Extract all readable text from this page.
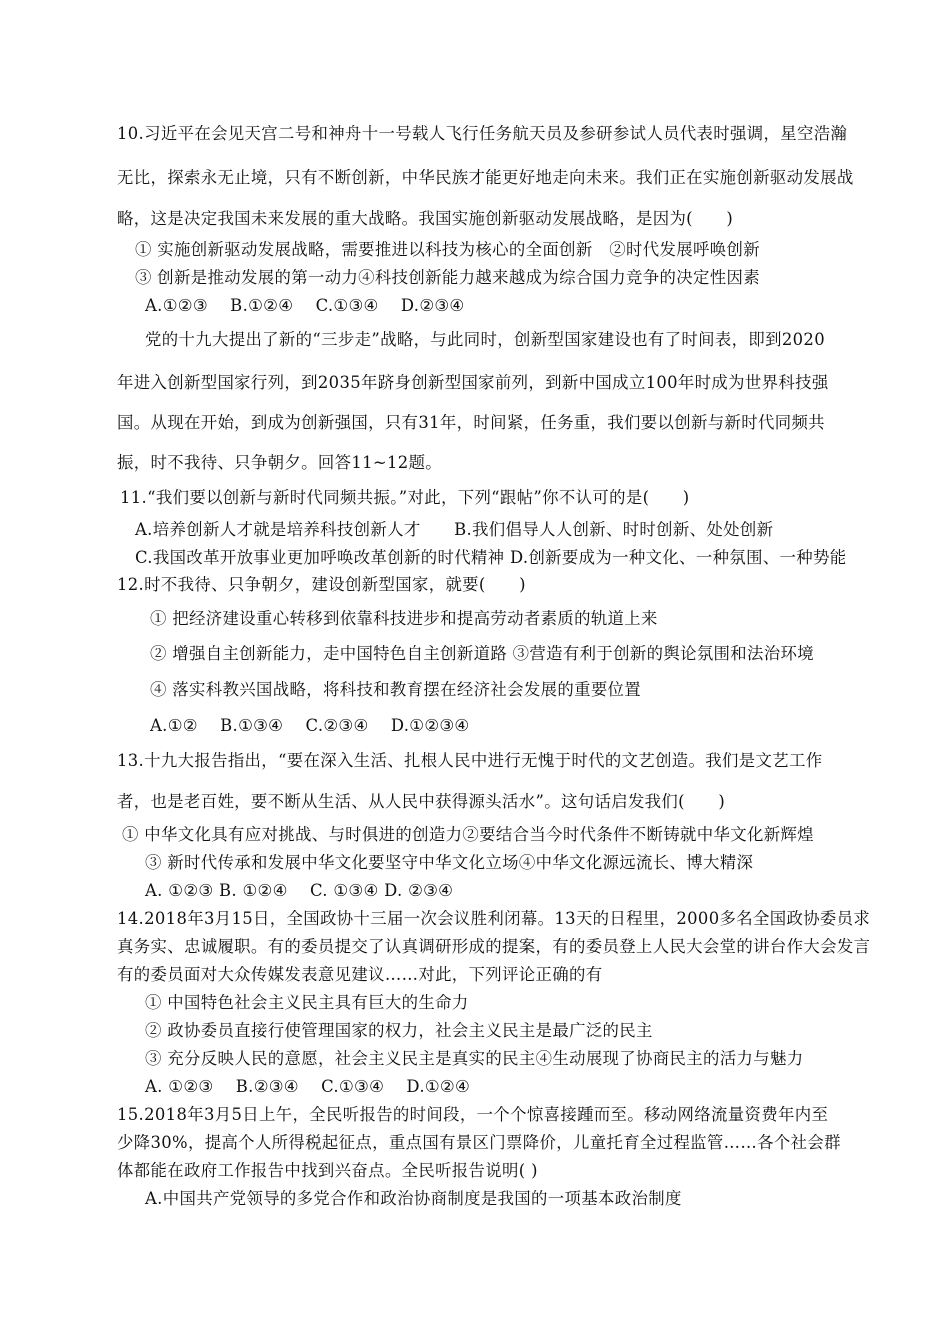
10.习近平在会见天宫二号和神舟十一号载人飞行任务航天员及参研参试人员代表时强调，星空浩瀚
无比，探索永无止境，只有不断创新，中华民族才能更好地走向未来。我们正在实施创新驱动发展战
略，这是决定我国未来发展的重大战略。我国实施创新驱动发展战略，是因为(　　)
① 实施创新驱动发展战略，需要推进以科技为核心的全面创新　②时代发展呼唤创新
③ 创新是推动发展的第一动力④科技创新能力越来越成为综合国力竞争的决定性因素
A.①②③　 B.①②④　 C.①③④　 D.②③④
党的十九大提出了新的“三步走”战略，与此同时，创新型国家建设也有了时间表，即到2020
年进入创新型国家行列，到2035年跻身创新型国家前列，到新中国成立100年时成为世界科技强
国。从现在开始，到成为创新强国，只有31年，时间紧，任务重，我们要以创新与新时代同频共
振，时不我待、只争朝夕。回答11~12题。
11.“我们要以创新与新时代同频共振。”对此，下列“跟帖”你不认可的是(　　)
A.培养创新人才就是培养科技创新人才　　B.我们倡导人人创新、时时创新、处处创新
C.我国改革开放事业更加呼唤改革创新的时代精神 D.创新要成为一种文化、一种氛围、一种势能
12.时不我待、只争朝夕，建设创新型国家，就要(　　)
① 把经济建设重心转移到依靠科技进步和提高劳动者素质的轨道上来
② 增强自主创新能力，走中国特色自主创新道路 ③营造有利于创新的舆论氛围和法治环境
④ 落实科教兴国战略，将科技和教育摆在经济社会发展的重要位置
A.①②　 B.①③④　 C.②③④　 D.①②③④
13.十九大报告指出，“要在深入生活、扎根人民中进行无愧于时代的文艺创造。我们是文艺工作
者，也是老百姓，要不断从生活、从人民中获得源头活水”。这句话启发我们(　　)
① 中华文化具有应对挑战、与时俱进的创造力②要结合当今时代条件不断铸就中华文化新辉煌
③ 新时代传承和发展中华文化要坚守中华文化立场④中华文化源远流长、博大精深
A. ①②③ B. ①②④　 C. ①③④ D. ②③④
14.2018年3月15日，全国政协十三届一次会议胜利闭幕。13天的日程里，2000多名全国政协委员求
真务实、忠诚履职。有的委员提交了认真调研形成的提案，有的委员登上人民大会堂的讲台作大会发言
有的委员面对大众传媒发表意见建议……对此，下列评论正确的有
① 中国特色社会主义民主具有巨大的生命力
② 政协委员直接行使管理国家的权力，社会主义民主是最广泛的民主
③ 充分反映人民的意愿，社会主义民主是真实的民主④生动展现了协商民主的活力与魅力
A. ①②③　 B.②③④　 C.①③④　 D.①②④
15.2018年3月5日上午，全民听报告的时间段，一个个惊喜接踵而至。移动网络流量资费年内至
少降30%，提高个人所得税起征点，重点国有景区门票降价，儿童托育全过程监管……各个社会群
体都能在政府工作报告中找到兴奋点。全民听报告说明( )
A.中国共产党领导的多党合作和政治协商制度是我国的一项基本政治制度
